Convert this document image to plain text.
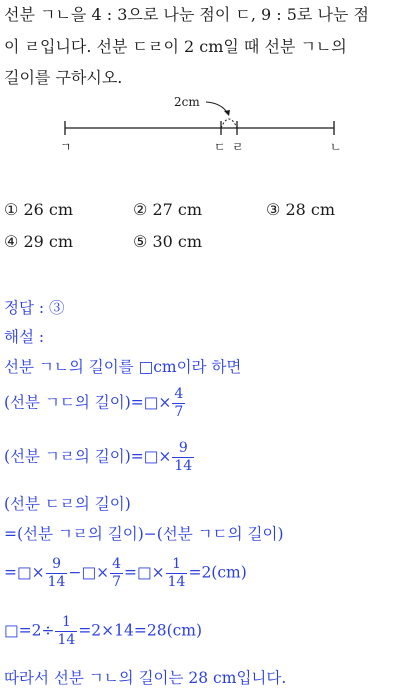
선분 ㄱㄴ을 4 : 3으로 나눈 점이 ㄷ, 9 : 5로 나눈 점
이 ㄹ입니다. 선분 ㄷㄹ이 2 cm일 때 선분 ㄱㄴ의
길이를 구하시오.
2cm
ㄱ	ㄷ ㄹ	ㄴ
① 26 cm	② 27 cm	③ 28 cm
④ 29 cm	⑤ 30 cm
정답 : ③
해설 :
선분 ㄱㄴ의 길이를 □cm이라 하면
(선분 ㄱㄷ의 길이)=□× $\frac{4}{7}$
(선분 ㄱㄹ의 길이)=□× $\frac{9}{14}$
(선분 ㄷㄹ의 길이)
=(선분 ㄱㄹ의 길이)−(선분 ㄱㄷ의 길이)
=□× $\frac{9}{14}$ −□× $\frac{4}{7}$ =□× $\frac{1}{14} =2(cm)$
□=2÷ $\frac{1}{14} =2\times 14=28(cm)$
따라서 선분 ㄱㄴ의 길이는 28 cm입니다.
